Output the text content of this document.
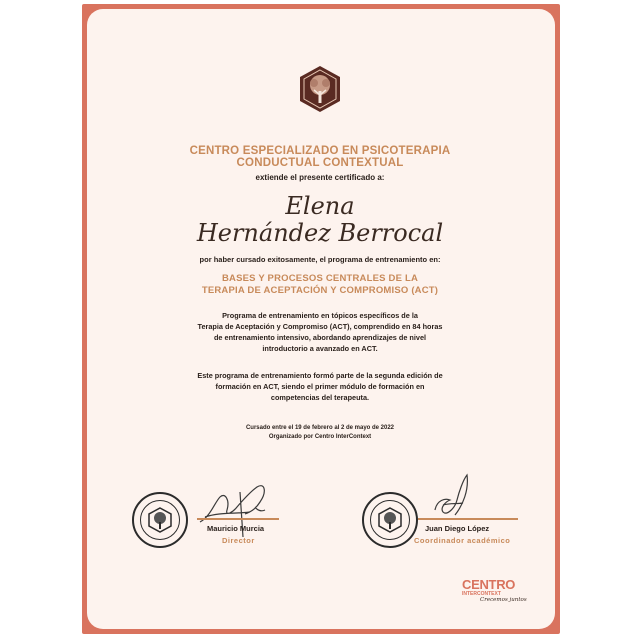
CENTRO ESPECIALIZADO EN PSICOTERAPIA
CONDUCTUAL CONTEXTUAL
extiende el presente certificado a:
Elena
Hernández Berrocal
por haber cursado exitosamente, el programa de entrenamiento en:
BASES Y PROCESOS CENTRALES DE LA
TERAPIA DE ACEPTACIÓN Y COMPROMISO (ACT)
Programa de entrenamiento en tópicos específicos de la
Terapia de Aceptación y Compromiso (ACT), comprendido en 84 horas
de entrenamiento intensivo, abordando aprendizajes de nivel
introductorio a avanzado en ACT.
Este programa de entrenamiento formó parte de la segunda edición de
formación en ACT, siendo el primer módulo de formación en
competencias del terapeuta.
Cursado entre el 19 de febrero al 2 de mayo de 2022
Organizado por Centro InterContext
Mauricio Murcia
Director
Juan Diego López
Coordinador académico
CENTRO
INTERCONTEXT
Crecemos juntos
